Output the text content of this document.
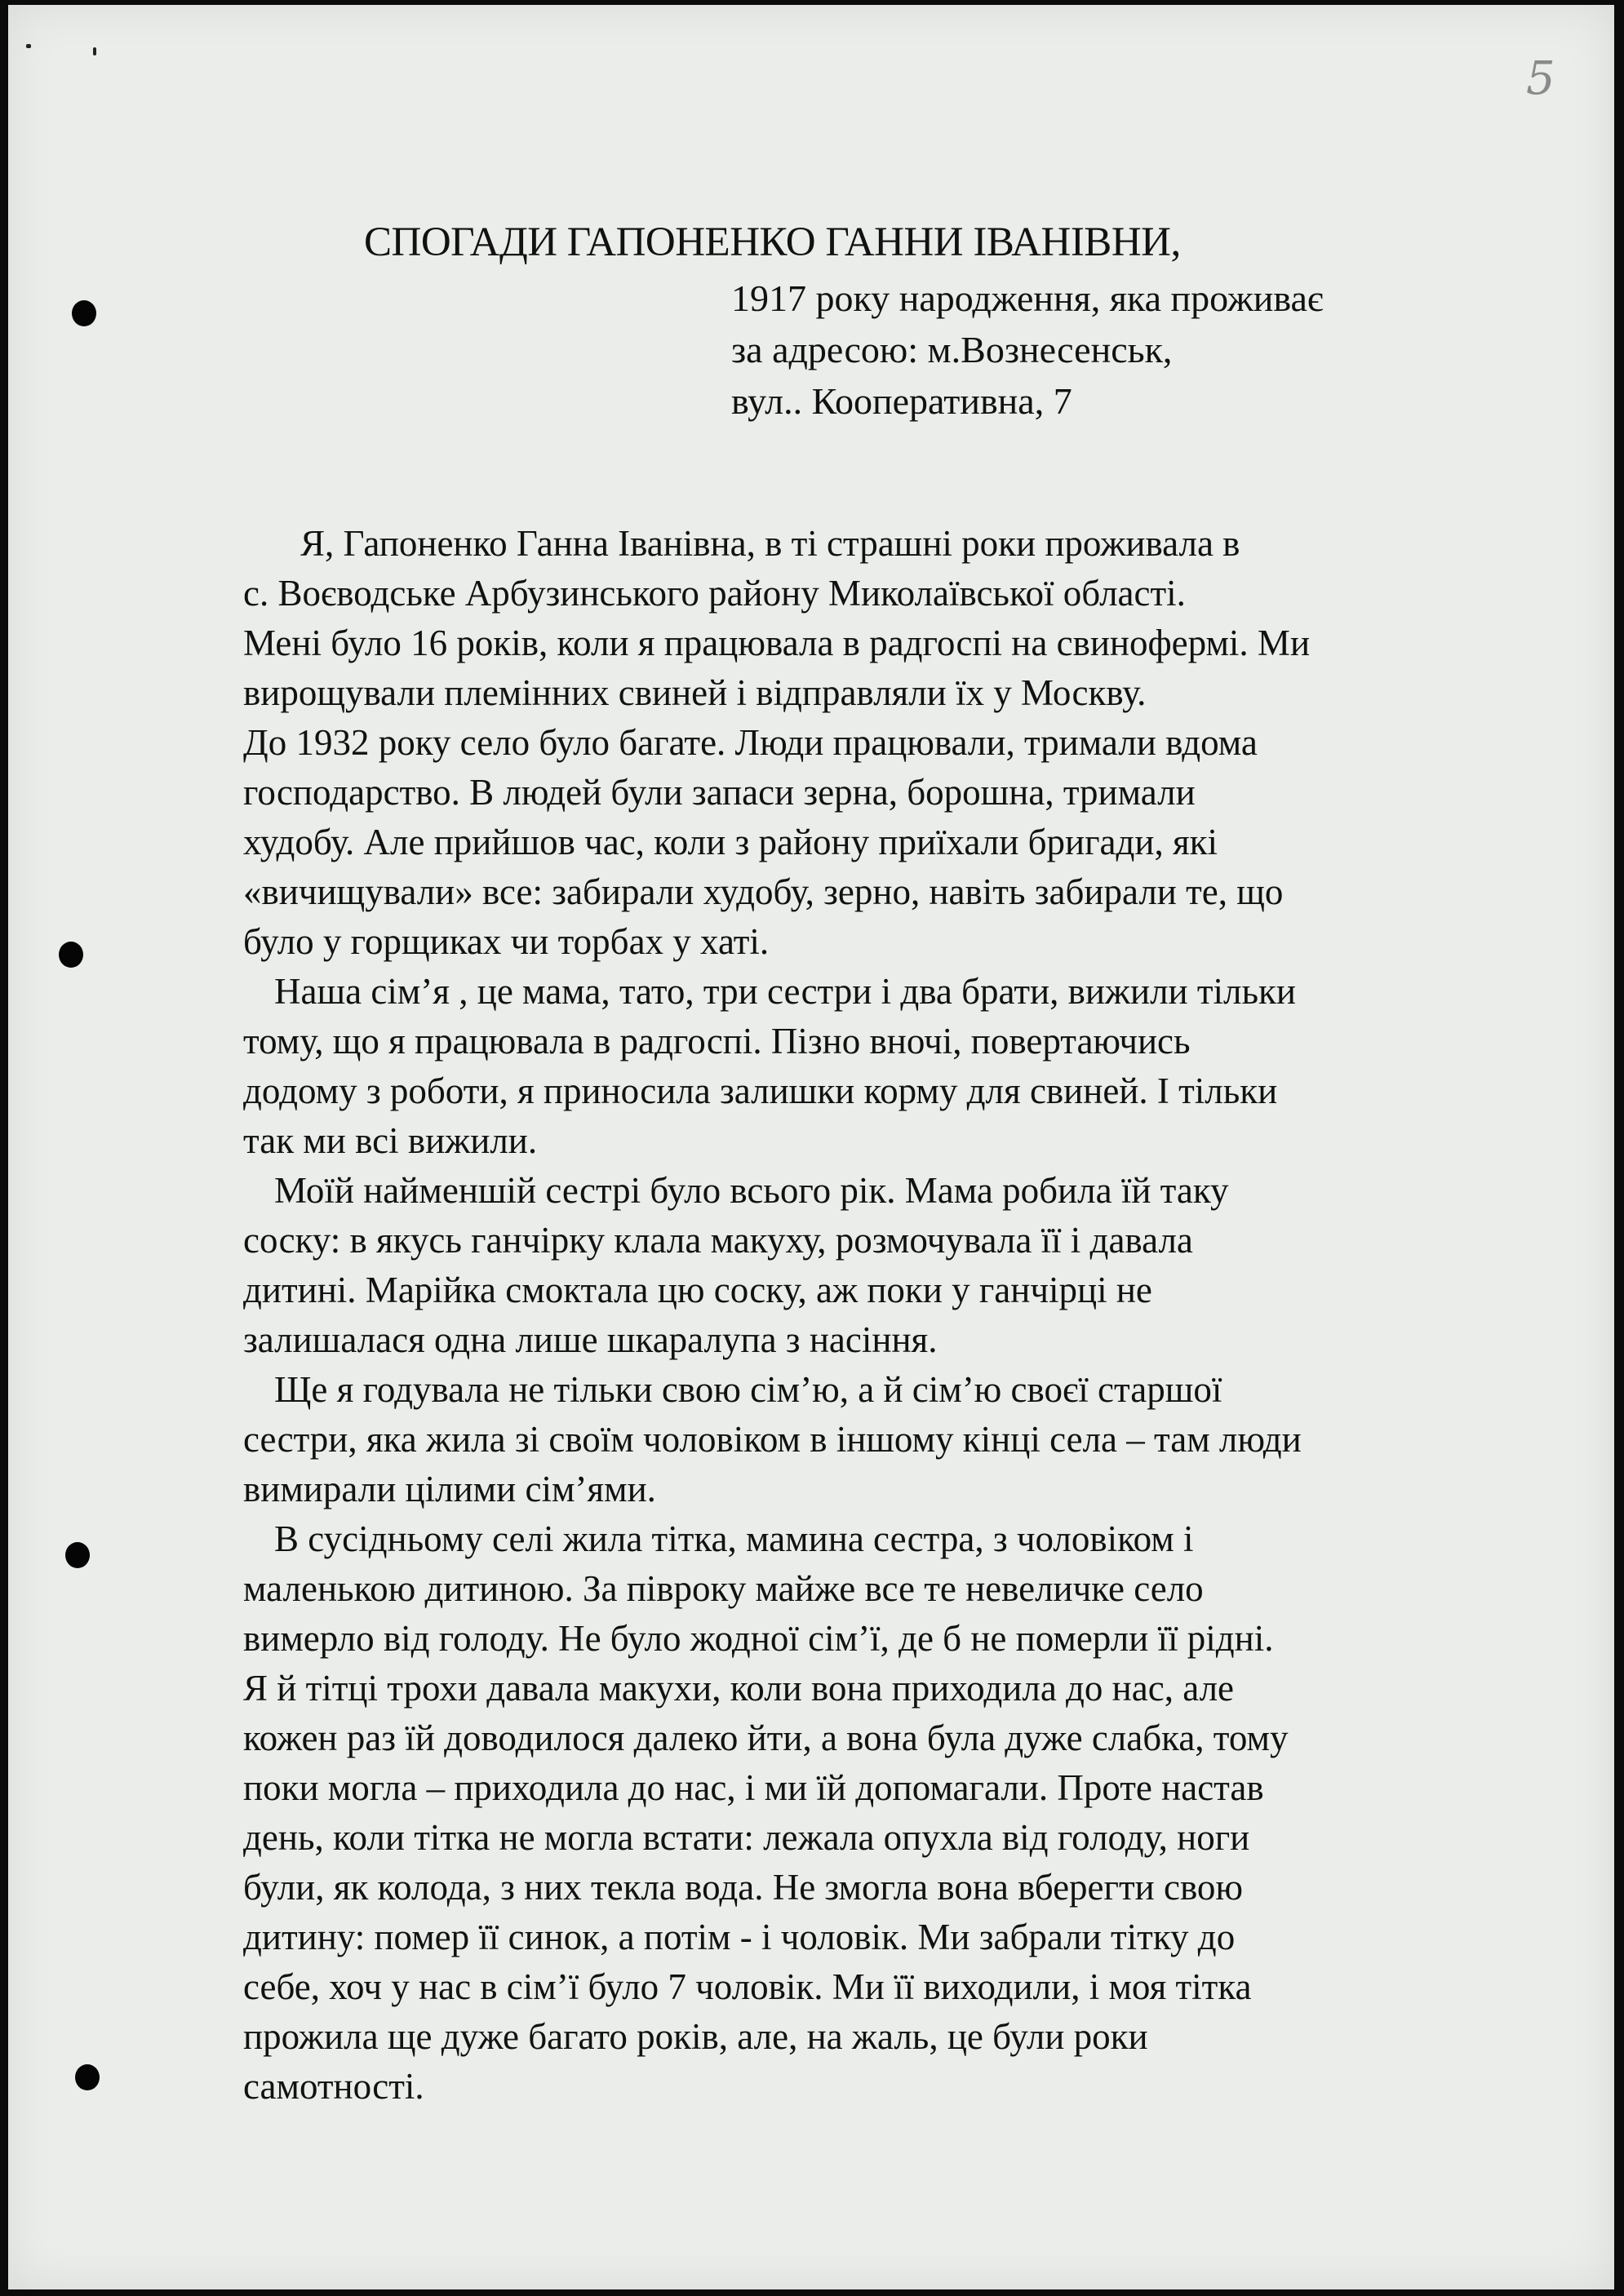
5
СПОГАДИ ГАПОНЕНКО ГАННИ ІВАНІВНИ,
1917 року народження, яка проживає
за адресою: м.Вознесенськ,
вул.. Кооперативна, 7
Я, Гапоненко Ганна Іванівна, в ті страшні роки проживала в
с. Воєводське Арбузинського району Миколаївської області.
Мені було 16 років, коли я працювала в радгоспі на свинофермі. Ми
вирощували племінних свиней і відправляли їх у Москву.
До 1932 року село було багате. Люди працювали, тримали вдома
господарство. В людей були запаси зерна, борошна, тримали
худобу. Але прийшов час, коли з району приїхали бригади, які
«вичищували» все: забирали худобу, зерно, навіть забирали те, що
було у горщиках чи торбах у хаті.
Наша сім’я , це мама, тато, три сестри і два брати, вижили тільки
тому, що я працювала в радгоспі. Пізно вночі, повертаючись
додому з роботи, я приносила залишки корму для свиней. І тільки
так ми всі вижили.
Моїй найменшій сестрі було всього рік. Мама робила їй таку
соску: в якусь ганчірку клала макуху, розмочувала її і давала
дитині. Марійка смоктала цю соску, аж поки у ганчірці не
залишалася одна лише шкаралупа з насіння.
Ще я годувала не тільки свою сім’ю, а й сім’ю своєї старшої
сестри, яка жила зі своїм чоловіком в іншому кінці села – там люди
вимирали цілими сім’ями.
В сусідньому селі жила тітка, мамина сестра, з чоловіком і
маленькою дитиною. За півроку майже все те невеличке село
вимерло від голоду. Не було жодної сім’ї, де б не померли її рідні.
Я й тітці трохи давала макухи, коли вона приходила до нас, але
кожен раз їй доводилося далеко йти, а вона була дуже слабка, тому
поки могла – приходила до нас, і ми їй допомагали. Проте настав
день, коли тітка не могла встати: лежала опухла від голоду, ноги
були, як колода, з них текла вода. Не змогла вона вберегти свою
дитину: помер її синок, а потім - і чоловік. Ми забрали тітку до
себе, хоч у нас в сім’ї було 7 чоловік. Ми її виходили, і моя тітка
прожила ще дуже багато років, але, на жаль, це були роки
самотності.
